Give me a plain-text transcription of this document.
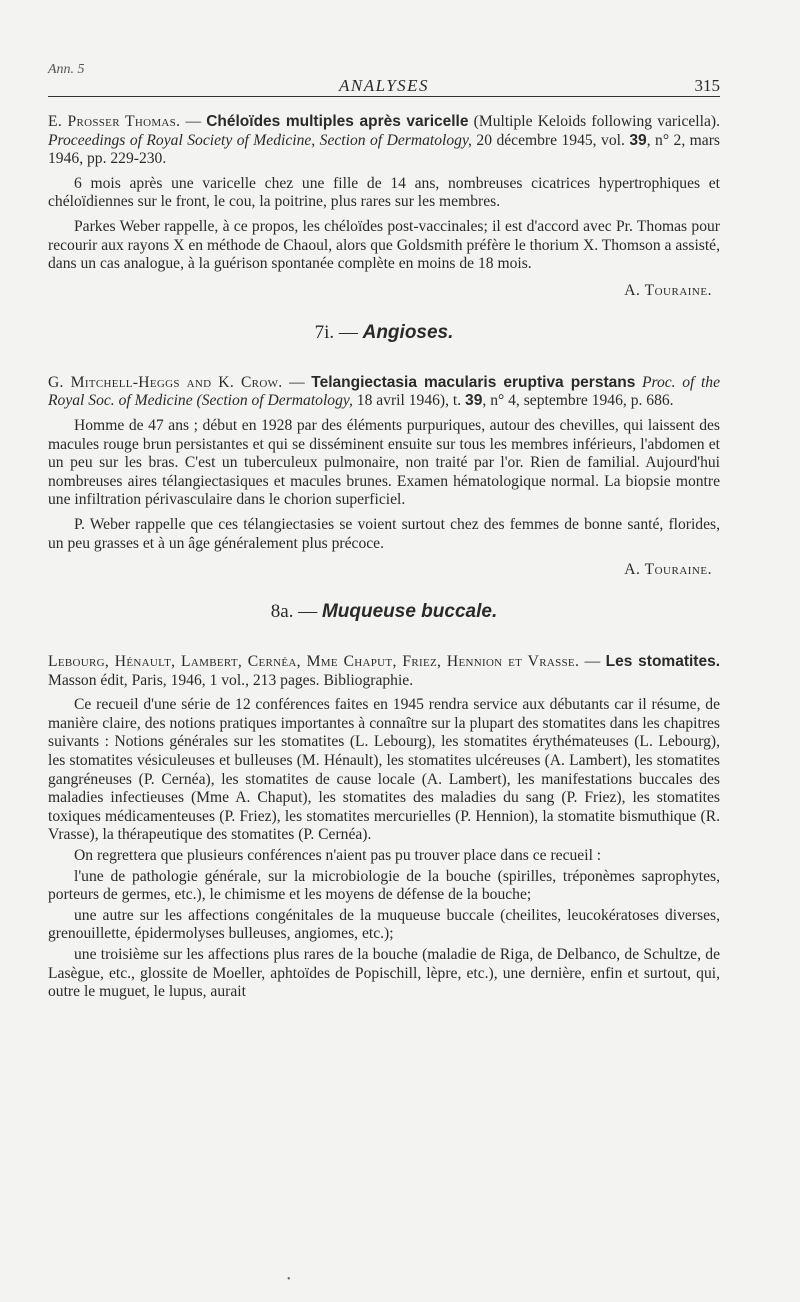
Ann. 5
ANALYSES	315

E. Prosser Thomas. — Chéloïdes multiples après varicelle (Multiple Keloids following varicella). Proceedings of Royal Society of Medicine, Section of Dermatology, 20 décembre 1945, vol. 39, n° 2, mars 1946, pp. 229-230.

6 mois après une varicelle chez une fille de 14 ans, nombreuses cicatrices hypertrophiques et chéloïdiennes sur le front, le cou, la poitrine, plus rares sur les membres.

Parkes Weber rappelle, à ce propos, les chéloïdes post-vaccinales; il est d'accord avec Pr. Thomas pour recourir aux rayons X en méthode de Chaoul, alors que Goldsmith préfère le thorium X. Thomson a assisté, dans un cas analogue, à la guérison spontanée complète en moins de 18 mois.

A. Touraine.
7i. — Angioses.

G. Mitchell-Heggs and K. Crow. — Telangiectasia macularis eruptiva perstans Proc. of the Royal Soc. of Medicine (Section of Dermatology, 18 avril 1946), t. 39, n° 4, septembre 1946, p. 686.

Homme de 47 ans ; début en 1928 par des éléments purpuriques, autour des chevilles, qui laissent des macules rouge brun persistantes et qui se disséminent ensuite sur tous les membres inférieurs, l'abdomen et un peu sur les bras. C'est un tuberculeux pulmonaire, non traité par l'or. Rien de familial. Aujourd'hui nombreuses aires télangiectasiques et macules brunes. Examen hématologique normal. La biopsie montre une infiltration périvasculaire dans le chorion superficiel.

P. Weber rappelle que ces télangiectasies se voient surtout chez des femmes de bonne santé, florides, un peu grasses et à un âge généralement plus précoce.

A. Touraine.
8a. — Muqueuse buccale.

Lebourg, Hénault, Lambert, Cernéa, Mme Chaput, Friez, Hennion et Vrasse. — Les stomatites. Masson édit, Paris, 1946, 1 vol., 213 pages. Bibliographie.

Ce recueil d'une série de 12 conférences faites en 1945 rendra service aux débutants car il résume, de manière claire, des notions pratiques importantes à connaître sur la plupart des stomatites dans les chapitres suivants : Notions générales sur les stomatites (L. Lebourg), les stomatites érythémateuses (L. Lebourg), les stomatites vésiculeuses et bulleuses (M. Hénault), les stomatites ulcéreuses (A. Lambert), les stomatites gangréneuses (P. Cernéa), les stomatites de cause locale (A. Lambert), les manifestations buccales des maladies infectieuses (Mme A. Chaput), les stomatites des maladies du sang (P. Friez), les stomatites toxiques médicamenteuses (P. Friez), les stomatites mercurielles (P. Hennion), la stomatite bismuthique (R. Vrasse), la thérapeutique des stomatites (P. Cernéa).

On regrettera que plusieurs conférences n'aient pas pu trouver place dans ce recueil :

l'une de pathologie générale, sur la microbiologie de la bouche (spirilles, tréponèmes saprophytes, porteurs de germes, etc.), le chimisme et les moyens de défense de la bouche;

une autre sur les affections congénitales de la muqueuse buccale (cheilites, leucokératoses diverses, grenouillette, épidermolyses bulleuses, angiomes, etc.);

une troisième sur les affections plus rares de la bouche (maladie de Riga, de Delbanco, de Schultze, de Lasègue, etc., glossite de Moeller, aphtoïdes de Popischill, lèpre, etc.), une dernière, enfin et surtout, qui, outre le muguet, le lupus, aurait

•
